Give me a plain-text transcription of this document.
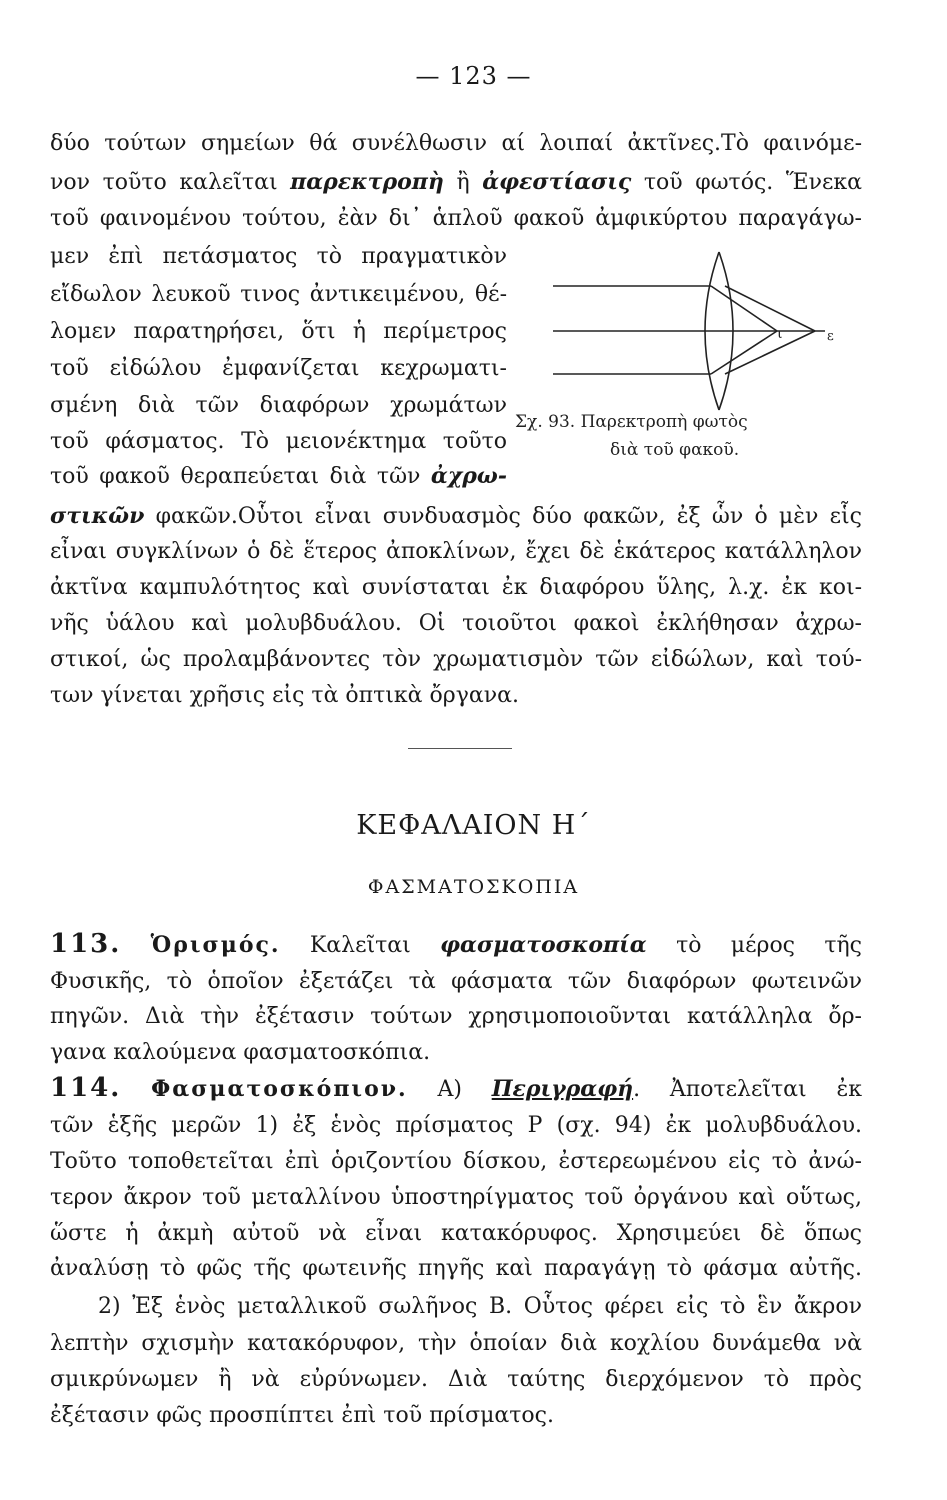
— 123 —
δύο τούτων σημείων θά συνέλθωσιν αί λοιπαί ἀκτῖνες.Τὸ φαινόμε-
νον τοῦτο καλεῖται παρεκτροπὴ ἢ ἀφεστίασις τοῦ φωτός. Ἕνεκα
τοῦ φαινομένου τούτου, ἐὰν δι᾽ ἁπλοῦ φακοῦ ἀμφικύρτου παραγάγω-
μεν ἐπὶ πετάσματος τὸ πραγματικὸν
εἴδωλον λευκοῦ τινος ἀντικειμένου, θέ-
λομεν παρατηρήσει, ὅτι ἡ περίμετρος
τοῦ εἰδώλου ἐμφανίζεται κεχρωματι-
σμένη διὰ τῶν διαφόρων χρωμάτων
τοῦ φάσματος. Τὸ μειονέκτημα τοῦτο
τοῦ φακοῦ θεραπεύεται διὰ τῶν ἀχρω-
στικῶν φακῶν.Οὗτοι εἶναι συνδυασμὸς δύο φακῶν, ἐξ ὧν ὁ μὲν εἷς
εἶναι συγκλίνων ὁ δὲ ἕτερος ἀποκλίνων, ἔχει δὲ ἑκάτερος κατάλληλον
ἀκτῖνα καμπυλότητος καὶ συνίσταται ἐκ διαφόρου ὕλης, λ.χ. ἐκ κοι-
νῆς ὑάλου καὶ μολυβδυάλου. Οἱ τοιοῦτοι φακοὶ ἐκλήθησαν ἀχρω-
στικοί, ὡς προλαμβάνοντες τὸν χρωματισμὸν τῶν εἰδώλων, καὶ τού-
των γίνεται χρῆσις εἰς τὰ ὀπτικὰ ὄργανα.
ι	ε
Σχ. 93. Παρεκτροπὴ φωτὸς
διὰ τοῦ φακοῦ.
ΚΕΦΑΛΑΙΟΝ Η΄
ΦΑΣΜΑΤΟΣΚΟΠΙΑ
113. Ὁρισμός. Καλεῖται φασματοσκοπία τὸ μέρος τῆς
Φυσικῆς, τὸ ὁποῖον ἐξετάζει τὰ φάσματα τῶν διαφόρων φωτεινῶν
πηγῶν. Διὰ τὴν ἐξέτασιν τούτων χρησιμοποιοῦνται κατάλληλα ὄρ-
γανα καλούμενα φασματοσκόπια.
114. Φασματοσκόπιον. Α) Περιγραφή. Ἀποτελεῖται ἐκ
τῶν ἑξῆς μερῶν 1) ἐξ ἑνὸς πρίσματος P (σχ. 94) ἐκ μολυβδυάλου.
Τοῦτο τοποθετεῖται ἐπὶ ὁριζοντίου δίσκου, ἐστερεωμένου εἰς τὸ ἀνώ-
τερον ἄκρον τοῦ μεταλλίνου ὑποστηρίγματος τοῦ ὀργάνου καὶ οὕτως,
ὥστε ἡ ἀκμὴ αὐτοῦ νὰ εἶναι κατακόρυφος. Χρησιμεύει δὲ ὅπως
ἀναλύσῃ τὸ φῶς τῆς φωτεινῆς πηγῆς καὶ παραγάγῃ τὸ φάσμα αὐτῆς.
2) Ἐξ ἑνὸς μεταλλικοῦ σωλῆνος B. Οὗτος φέρει εἰς τὸ ἓν ἄκρον
λεπτὴν σχισμὴν κατακόρυφον, τὴν ὁποίαν διὰ κοχλίου δυνάμεθα νὰ
σμικρύνωμεν ἢ νὰ εὐρύνωμεν. Διὰ ταύτης διερχόμενον τὸ πρὸς
ἐξέτασιν φῶς προσπίπτει ἐπὶ τοῦ πρίσματος.
